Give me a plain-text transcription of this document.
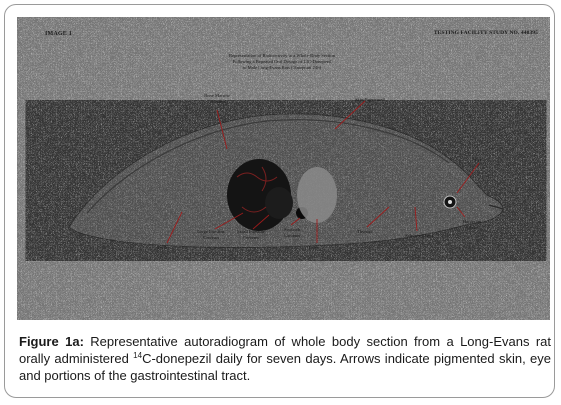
IMAGE 1	TESTING FACILITY STUDY NO. 448395
Representation of Radioactivity in a Whole-Body Section
Following a Repeated Oral Dosage of 14C-Donepezil
to Male Long-Evans Rats (Timepoint 24h)
Bone Marrow (Vertebra)	Skin-Pigmented
Eye
Teeth
Large Intestine Contents
Small Intestine Contents
Stomach Contents
Liver
Thymus
Salivary Gland
Harderian Gland
Figure 1a: Representative autoradiogram of whole body section from a Long-Evans rat orally administered $^{14}$C-donepezil daily for seven days. Arrows indicate pigmented skin, eye and portions of the gastrointestinal tract.
